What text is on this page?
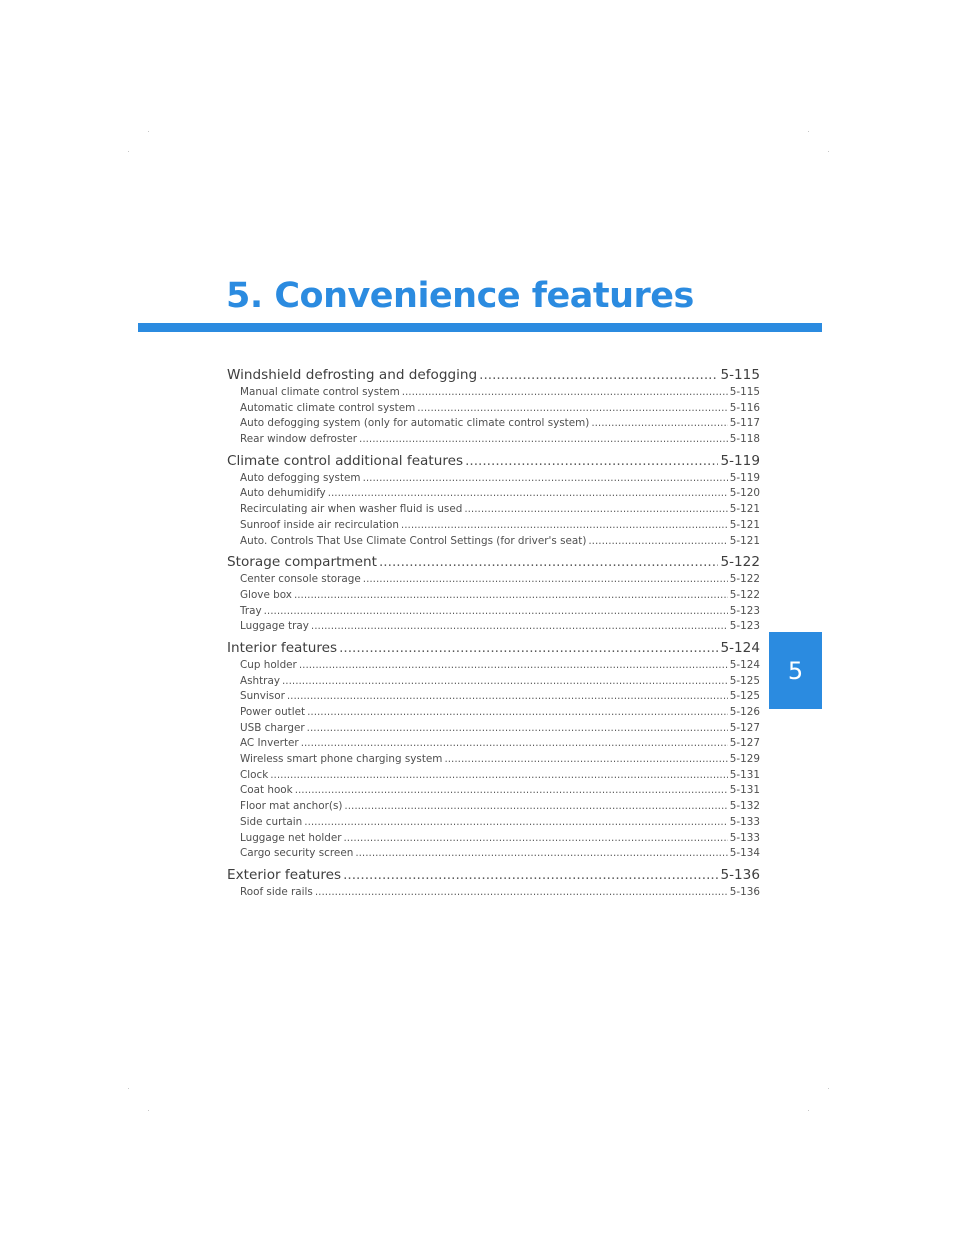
5. Convenience features
5
Windshield defrosting and defogging .....	5-115
Manual climate control system .....	5-115
Automatic climate control system .....	5-116
Auto defogging system (only for automatic climate control system) .....	5-117
Rear window defroster .....	5-118
Climate control additional features .....	5-119
Auto defogging system .....	5-119
Auto dehumidify .....	5-120
Recirculating air when washer fluid is used .....	5-121
Sunroof inside air recirculation .....	5-121
Auto. Controls That Use Climate Control Settings (for driver's seat) .....	5-121
Storage compartment .....	5-122
Center console storage .....	5-122
Glove box .....	5-122
Tray .....	5-123
Luggage tray .....	5-123
Interior features .....	5-124
Cup holder .....	5-124
Ashtray .....	5-125
Sunvisor .....	5-125
Power outlet .....	5-126
USB charger .....	5-127
AC Inverter .....	5-127
Wireless smart phone charging system .....	5-129
Clock .....	5-131
Coat hook .....	5-131
Floor mat anchor(s) .....	5-132
Side curtain .....	5-133
Luggage net holder .....	5-133
Cargo security screen .....	5-134
Exterior features .....	5-136
Roof side rails .....	5-136
